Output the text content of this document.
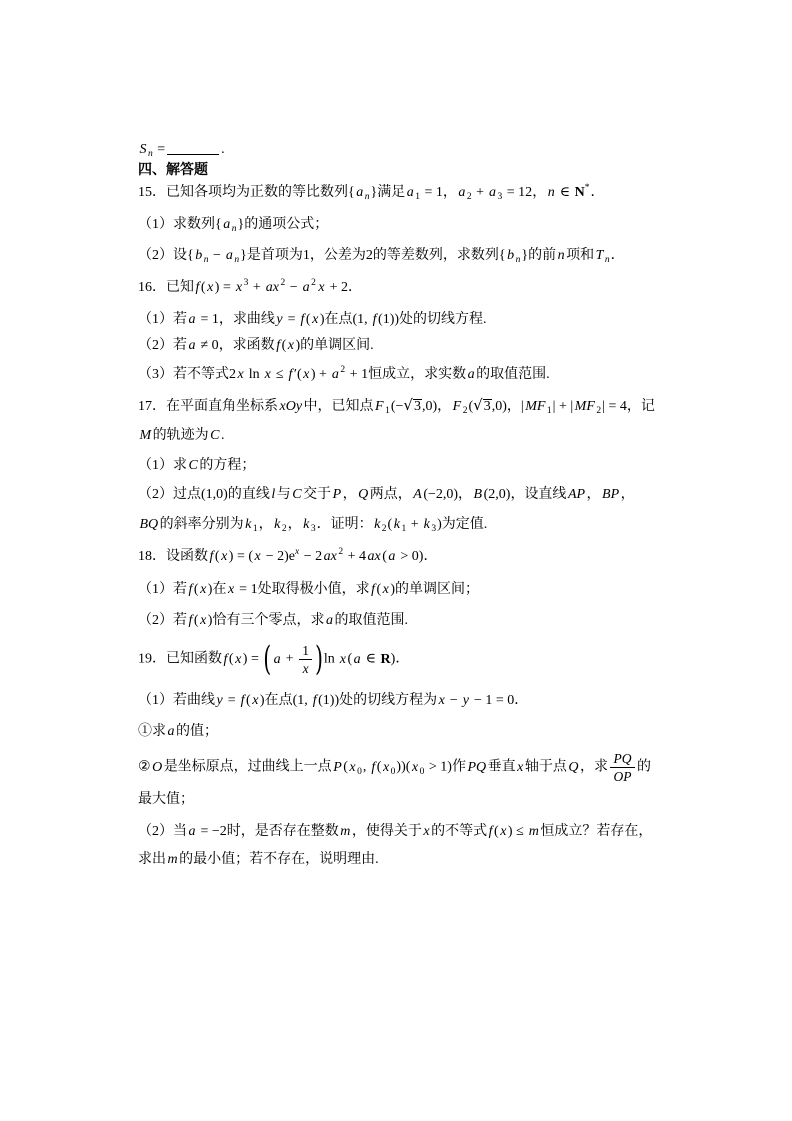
S $_n$ =	.
四、解答题
15．已知各项均为正数的等比数列{ a $_n$}满足 a $_1$ = 1， a $_2$ + a $_3$ = 12， n ∈ N*．
（1）求数列{ a $_n$}的通项公式；
（2）设{ b $_n$ − a $_n$}是首项为1，公差为2的等差数列，求数列{ b $_n$}的前 n 项和 T $_n$．
16．已知 f ( x ) = x $^3$ + ax $^2$ − a $^2$ x + 2．
（1）若 a = 1，求曲线 y = f ( x )在点(1, f (1))处的切线方程.
（2）若 a ≠ 0，求函数 f ( x )的单调区间.
（3）若不等式2 x ln x ≤ f ′( x ) + a $^2$ + 1恒成立，求实数 a 的取值范围.
17．在平面直角坐标系 xOy 中，已知点 F $_1$(−√3,0)， F $_2$(√3,0)，| MF $_1$| + | MF $_2$| = 4，记
M 的轨迹为 C .
（1）求 C 的方程；
（2）过点(1,0)的直线 l 与 C 交于 P ， Q 两点， A (−2,0)， B (2,0)，设直线 AP ， BP ，
BQ 的斜率分别为 k $_1$， k $_2$， k $_3$．证明： k $_2$( k $_1$ + k $_3$)为定值.
18．设函数 f ( x ) = ( $x - 2)e^x - 2$ ax $^2$ + 4 ax ( a > 0)．
（1）若 f ( x )在 x = 1处取得极小值，求 f ( x )的单调区间；
（2）若 f ( x )恰有三个零点，求 a 的取值范围.
19．已知函数 f ( x ) = ( $a + \frac{1}{x} )\ln$ x ( a ∈ R)．
（1）若曲线 y = f ( x )在点(1, f (1))处的切线方程为 x − y − 1 = 0．
①求 a 的值；
② O 是坐标原点，过曲线上一点 P ( x $_0$, f ( x $_0$))( x $_0$ > 1)作 PQ 垂直 x 轴于点 Q ，求 $\frac{PQ}{OP}$ 的
最大值；
（2）当 a = −2时，是否存在整数 m ，使得关于 x 的不等式 f ( x ) ≤ m 恒成立？若存在，
求出 m 的最小值；若不存在，说明理由.
